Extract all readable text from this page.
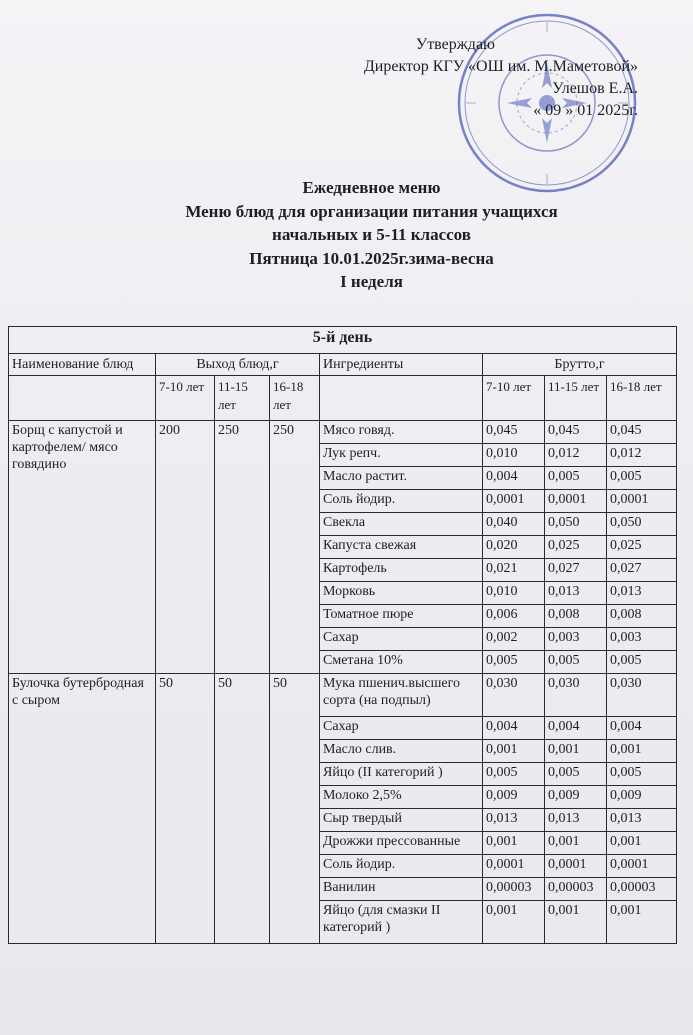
Утверждаю
Директор КГУ «ОШ им. М.Маметовой»
Улешов Е.А.
« 09 » 01 2025г.
Ежедневное меню
Меню блюд для организации питания учащихся
начальных и 5-11 классов
Пятница 10.01.2025г.зима-весна
I неделя
5-й день							
Наименование блюд	Выход блюд,г			Ингредиенты	Брутто,г		
	7-10 лет	11-15 лет	16-18 лет		7-10 лет	11-15 лет	16-18 лет
Борщ с капустой и картофелем/ мясо говядино	200	250	250	Мясо говяд.	0,045	0,045	0,045
				Лук репч.	0,010	0,012	0,012
				Масло растит.	0,004	0,005	0,005
				Соль йодир.	0,0001	0,0001	0,0001
				Свекла	0,040	0,050	0,050
				Капуста свежая	0,020	0,025	0,025
				Картофель	0,021	0,027	0,027
				Морковь	0,010	0,013	0,013
				Томатное пюре	0,006	0,008	0,008
				Сахар	0,002	0,003	0,003
				Сметана 10%	0,005	0,005	0,005
Булочка бутербродная с сыром	50	50	50	Мука пшенич.высшего сорта (на подпыл)	0,030	0,030	0,030
				Сахар	0,004	0,004	0,004
				Масло слив.	0,001	0,001	0,001
				Яйцо (II категорий )	0,005	0,005	0,005
				Молоко 2,5%	0,009	0,009	0,009
				Сыр твердый	0,013	0,013	0,013
				Дрожжи прессованные	0,001	0,001	0,001
				Соль йодир.	0,0001	0,0001	0,0001
				Ванилин	0,00003	0,00003	0,00003
				Яйцо (для смазки II категорий )	0,001	0,001	0,001
